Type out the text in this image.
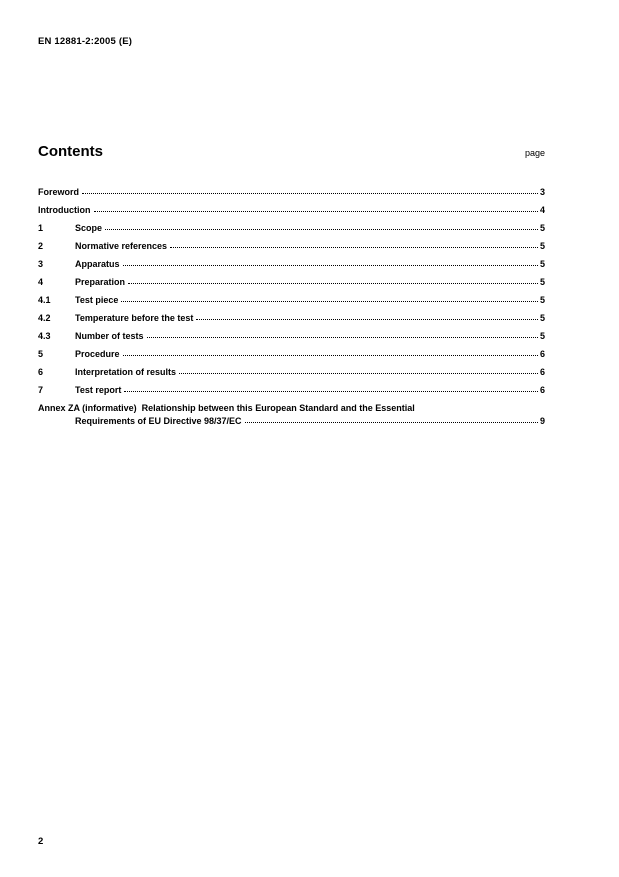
EN 12881-2:2005 (E)
Contents	page
Foreword	3
Introduction	4
1	Scope	5
2	Normative references	5
3	Apparatus	5
4	Preparation	5
4.1	Test piece	5
4.2	Temperature before the test	5
4.3	Number of tests	5
5	Procedure	6
6	Interpretation of results	6
7	Test report	6
Annex ZA (informative)  Relationship between this European Standard and the Essential
Requirements of EU Directive 98/37/EC	9
2
